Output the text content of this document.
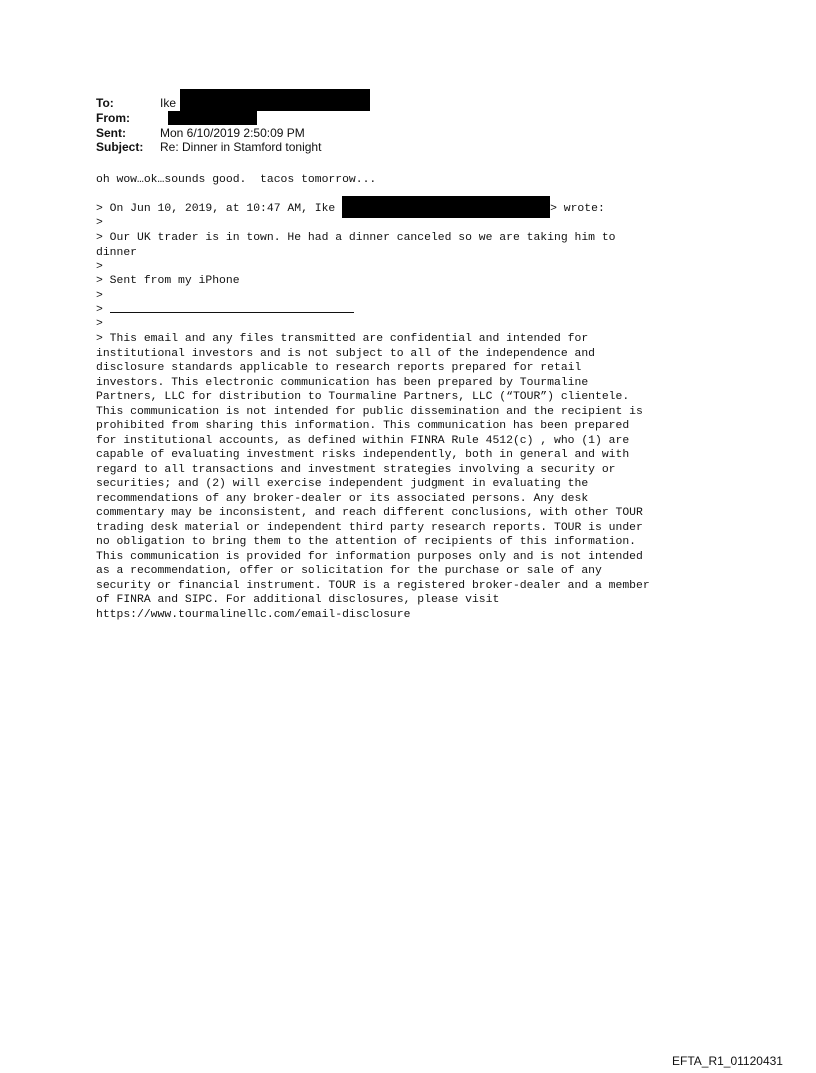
To:	Ike
From:
Sent:	Mon 6/10/2019 2:50:09 PM
Subject:	Re: Dinner in Stamford tonight
oh wow…ok…sounds good.  tacos tomorrow...
> On Jun 10, 2019, at 10:47 AM, Ike	> wrote:
>
> Our UK trader is in town. He had a dinner canceled so we are taking him to
dinner
>
> Sent from my iPhone
>
>
>
> This email and any files transmitted are confidential and intended for
institutional investors and is not subject to all of the independence and
disclosure standards applicable to research reports prepared for retail
investors. This electronic communication has been prepared by Tourmaline
Partners, LLC for distribution to Tourmaline Partners, LLC (“TOUR”) clientele.
This communication is not intended for public dissemination and the recipient is
prohibited from sharing this information. This communication has been prepared
for institutional accounts, as defined within FINRA Rule 4512(c) , who (1) are
capable of evaluating investment risks independently, both in general and with
regard to all transactions and investment strategies involving a security or
securities; and (2) will exercise independent judgment in evaluating the
recommendations of any broker-dealer or its associated persons. Any desk
commentary may be inconsistent, and reach different conclusions, with other TOUR
trading desk material or independent third party research reports. TOUR is under
no obligation to bring them to the attention of recipients of this information.
This communication is provided for information purposes only and is not intended
as a recommendation, offer or solicitation for the purchase or sale of any
security or financial instrument. TOUR is a registered broker-dealer and a member
of FINRA and SIPC. For additional disclosures, please visit
https://www.tourmalinellc.com/email-disclosure
EFTA_R1_01120431
